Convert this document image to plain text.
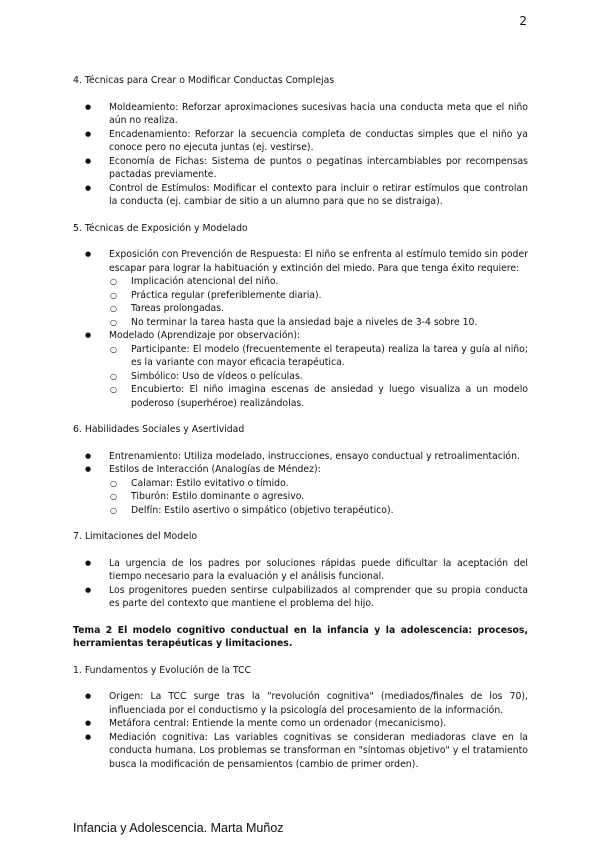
2
4. Técnicas para Crear o Modificar Conductas Complejas
● Moldeamiento: Reforzar aproximaciones sucesivas hacia una conducta meta que el niño aún no realiza.
● Encadenamiento: Reforzar la secuencia completa de conductas simples que el niño ya conoce pero no ejecuta juntas (ej. vestirse).
● Economía de Fichas: Sistema de puntos o pegatinas intercambiables por recompensas pactadas previamente.
● Control de Estímulos: Modificar el contexto para incluir o retirar estímulos que controlan la conducta (ej. cambiar de sitio a un alumno para que no se distraiga).
5. Técnicas de Exposición y Modelado
● Exposición con Prevención de Respuesta: El niño se enfrenta al estímulo temido sin poder escapar para lograr la habituación y extinción del miedo. Para que tenga éxito requiere:
○ Implicación atencional del niño.
○ Práctica regular (preferiblemente diaria).
○ Tareas prolongadas.
○ No terminar la tarea hasta que la ansiedad baje a niveles de 3-4 sobre 10.
● Modelado (Aprendizaje por observación):
○ Participante: El modelo (frecuentemente el terapeuta) realiza la tarea y guía al niño; es la variante con mayor eficacia terapéutica.
○ Simbólico: Uso de vídeos o películas.
○ Encubierto: El niño imagina escenas de ansiedad y luego visualiza a un modelo poderoso (superhéroe) realizándolas.
6. Habilidades Sociales y Asertividad
● Entrenamiento: Utiliza modelado, instrucciones, ensayo conductual y retroalimentación.
● Estilos de Interacción (Analogías de Méndez):
○ Calamar: Estilo evitativo o tímido.
○ Tiburón: Estilo dominante o agresivo.
○ Delfín: Estilo asertivo o simpático (objetivo terapéutico).
7. Limitaciones del Modelo
● La urgencia de los padres por soluciones rápidas puede dificultar la aceptación del tiempo necesario para la evaluación y el análisis funcional.
● Los progenitores pueden sentirse culpabilizados al comprender que su propia conducta es parte del contexto que mantiene el problema del hijo.
Tema 2 El modelo cognitivo conductual en la infancia y la adolescencia: procesos, herramientas terapéuticas y limitaciones.
1. Fundamentos y Evolución de la TCC
● Origen: La TCC surge tras la "revolución cognitiva" (mediados/finales de los 70), influenciada por el conductismo y la psicología del procesamiento de la información.
● Metáfora central: Entiende la mente como un ordenador (mecanicismo).
● Mediación cognitiva: Las variables cognitivas se consideran mediadoras clave en la conducta humana. Los problemas se transforman en "síntomas objetivo" y el tratamiento busca la modificación de pensamientos (cambio de primer orden).
Infancia y Adolescencia. Marta Muñoz
